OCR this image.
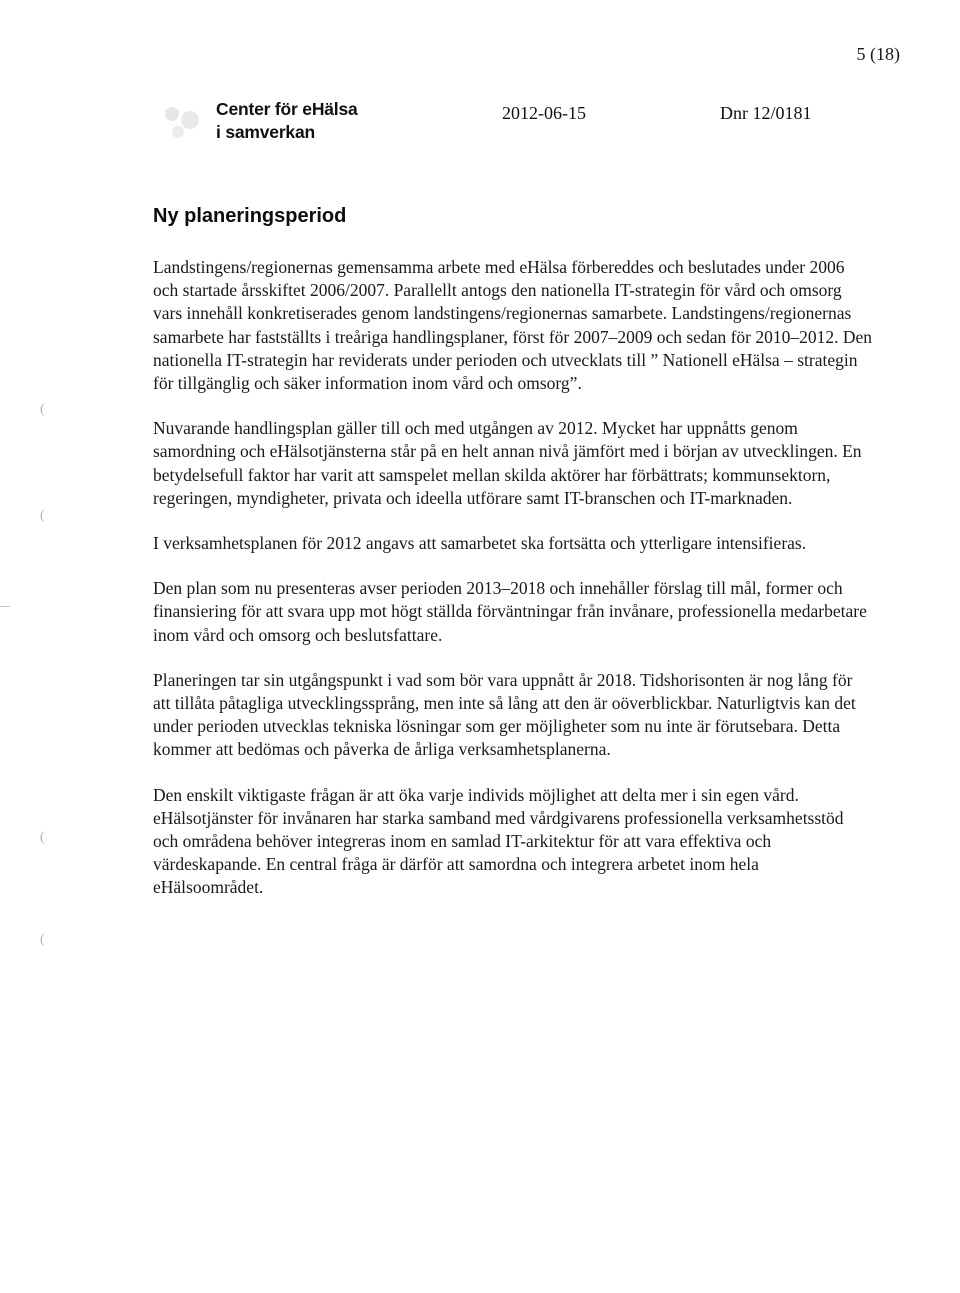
5 (18)
Center för eHälsa
i samverkan
2012-06-15	Dnr 12/0181
Ny planeringsperiod

Landstingens/regionernas gemensamma arbete med eHälsa förbereddes och beslutades under 2006 och startade årsskiftet 2006/2007. Parallellt antogs den nationella IT-strategin för vård och omsorg vars innehåll konkretiserades genom landstingens/regionernas samarbete. Landstingens/regionernas samarbete har fastställts i treåriga handlingsplaner, först för 2007–2009 och sedan för 2010–2012. Den nationella IT-strategin har reviderats under perioden och utvecklats till ” Nationell eHälsa – strategin för tillgänglig och säker information inom vård och omsorg”.

Nuvarande handlingsplan gäller till och med utgången av 2012. Mycket har uppnåtts genom samordning och eHälsotjänsterna står på en helt annan nivå jämfört med i början av utvecklingen. En betydelsefull faktor har varit att samspelet mellan skilda aktörer har förbättrats; kommunsektorn, regeringen, myndigheter, privata och ideella utförare samt IT-branschen och IT-marknaden.

I verksamhetsplanen för 2012 angavs att samarbetet ska fortsätta och ytterligare intensifieras.

Den plan som nu presenteras avser perioden 2013–2018 och innehåller förslag till mål, former och finansiering för att svara upp mot högt ställda förväntningar från invånare, professionella medarbetare inom vård och omsorg och beslutsfattare.

Planeringen tar sin utgångspunkt i vad som bör vara uppnått år 2018. Tidshorisonten är nog lång för att tillåta påtagliga utvecklingssprång, men inte så lång att den är oöverblickbar. Naturligtvis kan det under perioden utvecklas tekniska lösningar som ger möjligheter som nu inte är förutsebara. Detta kommer att bedömas och påverka de årliga verksamhetsplanerna.

Den enskilt viktigaste frågan är att öka varje individs möjlighet att delta mer i sin egen vård. eHälsotjänster för invånaren har starka samband med vårdgivarens professionella verksamhetsstöd och områdena behöver integreras inom en samlad IT-arkitektur för att vara effektiva och värdeskapande. En central fråga är därför att samordna och integrera arbetet inom hela eHälsoområdet.

(
(
(
(
